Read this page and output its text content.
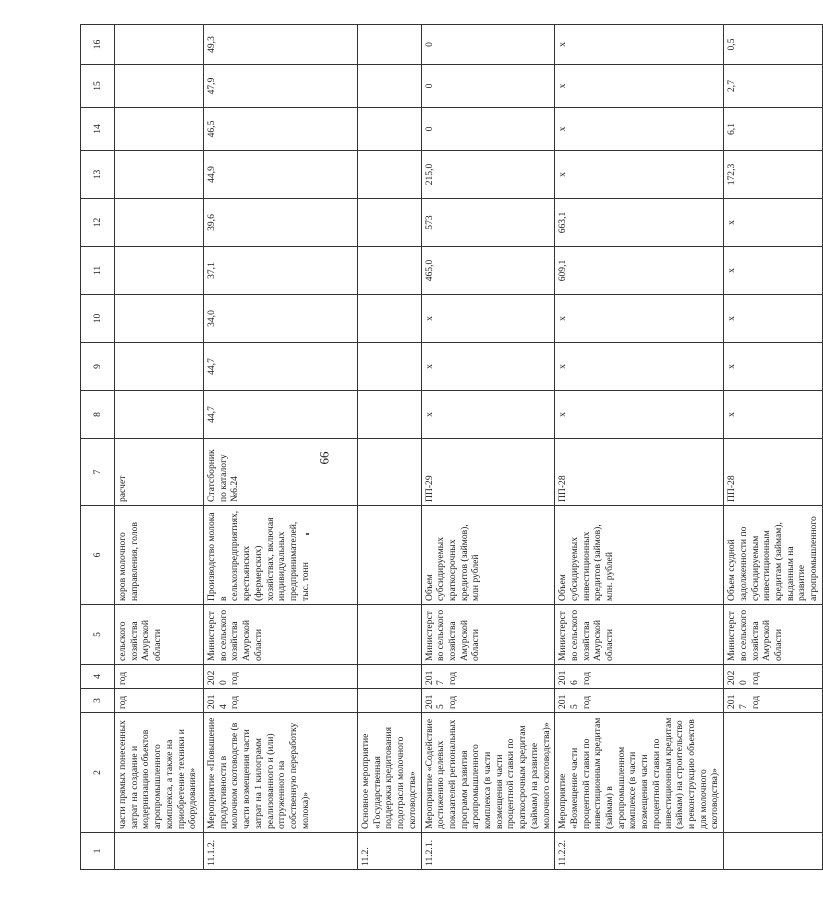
66
1	2	3	4	5	6	7	8	9	10	11	12	13	14	15	16
	части прямых понесенных затрат на создание и модернизацию объектов агропромышленного комплекса, а также на приобретение техники и оборудования»	год	год	сельского хозяйства Амурской области	коров молочного направления, голов	расчет									
11.1.2.	Мероприятие «Повышение продуктивности в молочном скотоводстве (в части возмещения части затрат на 1 килограмм реализованного и (или) отгруженного на собственную переработку молока)»	2014 год	2020 год	Министерство сельского хозяйства Амурской области	Производство молока в сельхозпредприятиях, крестьянских (фермерских) хозяйствах, включая индивидуальных предпринимателей, тыс. тонн	Статсборник по каталогу №6.24	44,7	44,7	34,0	37,1	39,6	44,9	46,5	47,9	49,3
11.2.	Основное мероприятие «Государственная поддержка кредитования подотрасли молочного скотоводства»														
11.2.1.	Мероприятие «Содействие достижению целевых показателей региональных программ развития агропромышленного комплекса (в части возмещения части процентной ставки по краткосрочным кредитам (займам) на развитие молочного скотоводства)»	2015 год	2017 год	Министерство сельского хозяйства Амурской области	Объем субсидируемых краткосрочных кредитов (займов), млн рублей	ПП-29	х	х	х	465,0	573	215,0	0	0	0
11.2.2.	Мероприятие «Возмещение части процентной ставки по инвестиционным кредитам (займам) в агропромышленном комплексе (в части возмещения части процентной ставки по инвестиционным кредитам (займам) на строительство и реконструкцию объектов для молочного скотоводства)»	2015 год	2016 год	Министерство сельского хозяйства Амурской области	Объем субсидируемых инвестиционных кредитов (займов), млн. рублей	ПП-28	х	х	х	609,1	663,1	х	х	х	х
		2017 год	2020 год	Министерство сельского хозяйства Амурской области	Объем ссудной задолженности по субсидируемым инвестиционным кредитам (займам), выданным на развитие агропромышленного	ПП-28	х	х	х	х	х	172,3	6,1	2,7	0,5
